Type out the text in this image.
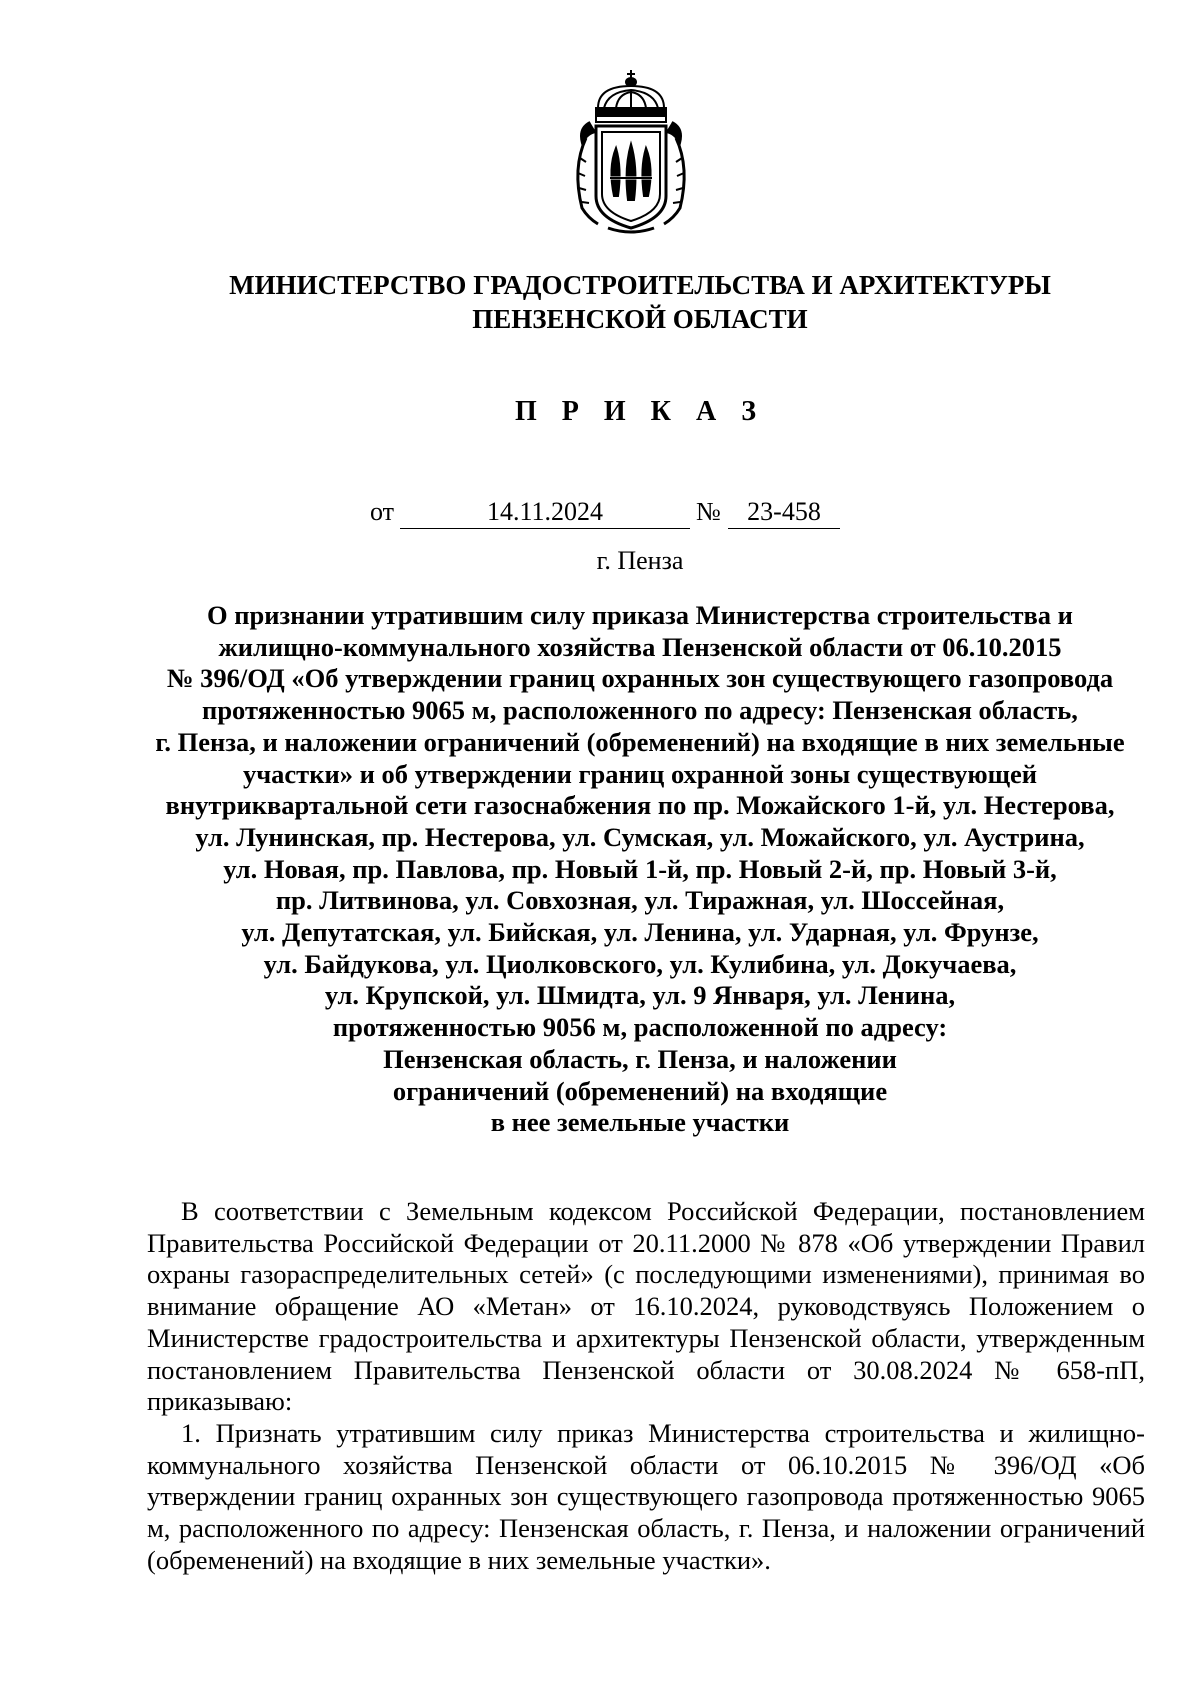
МИНИСТЕРСТВО ГРАДОСТРОИТЕЛЬСТВА И АРХИТЕКТУРЫ
ПЕНЗЕНСКОЙ ОБЛАСТИ
П Р И К А З
от	14.11.2024	№	23-458
г. Пенза
О признании утратившим силу приказа Министерства строительства и
жилищно-коммунального хозяйства Пензенской области от 06.10.2015
№ 396/ОД «Об утверждении границ охранных зон существующего газопровода
протяженностью 9065 м, расположенного по адресу: Пензенская область,
г. Пенза, и наложении ограничений (обременений) на входящие в них земельные
участки» и об утверждении границ охранной зоны существующей
внутриквартальной сети газоснабжения по пр. Можайского 1-й, ул. Нестерова,
ул. Лунинская, пр. Нестерова, ул. Сумская, ул. Можайского, ул. Аустрина,
ул. Новая, пр. Павлова, пр. Новый 1-й, пр. Новый 2-й, пр. Новый 3-й,
пр. Литвинова, ул. Совхозная, ул. Тиражная, ул. Шоссейная,
ул. Депутатская, ул. Бийская, ул. Ленина, ул. Ударная, ул. Фрунзе,
ул. Байдукова, ул. Циолковского, ул. Кулибина, ул. Докучаева,
ул. Крупской, ул. Шмидта, ул. 9 Января, ул. Ленина,
протяженностью 9056 м, расположенной по адресу:
Пензенская область, г. Пенза, и наложении
ограничений (обременений) на входящие
в нее земельные участки

В соответствии с Земельным кодексом Российской Федерации, постановлением Правительства Российской Федерации от 20.11.2000 № 878 «Об утверждении Правил охраны газораспределительных сетей» (с последующими изменениями), принимая во внимание обращение АО «Метан» от 16.10.2024, руководствуясь Положением о Министерстве градостроительства и архитектуры Пензенской области, утвержденным постановлением Правительства Пензенской области от 30.08.2024 № 658-пП, приказываю:

1. Признать утратившим силу приказ Министерства строительства и жилищно-коммунального хозяйства Пензенской области от 06.10.2015 № 396/ОД «Об утверждении границ охранных зон существующего газопровода протяженностью 9065 м, расположенного по адресу: Пензенская область, г. Пенза, и наложении ограничений (обременений) на входящие в них земельные участки».
